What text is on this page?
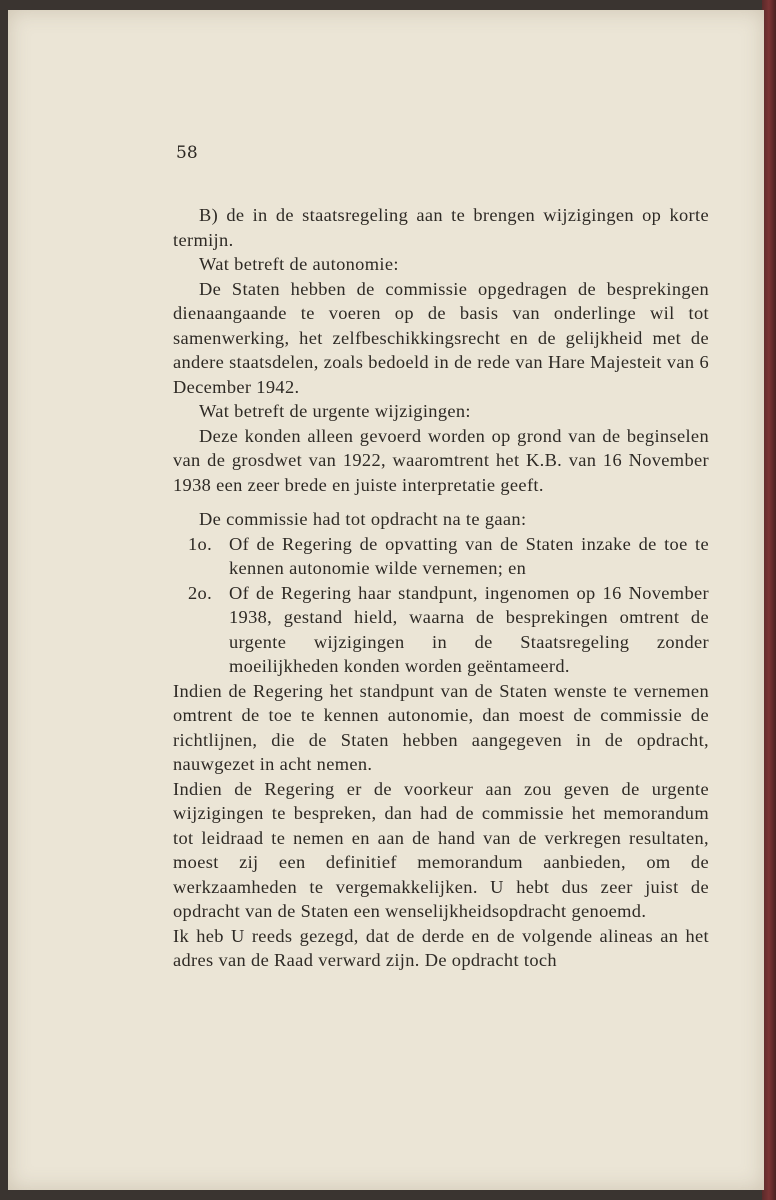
58

B) de in de staatsregeling aan te brengen wijzigingen op korte termijn.

Wat betreft de autonomie:

De Staten hebben de commissie opgedragen de besprekingen dienaangaande te voeren op de basis van onderlinge wil tot samenwerking, het zelfbeschikkingsrecht en de gelijkheid met de andere staatsdelen, zoals bedoeld in de rede van Hare Majesteit van 6 December 1942.

Wat betreft de urgente wijzigingen:

Deze konden alleen gevoerd worden op grond van de beginselen van de grosdwet van 1922, waaromtrent het K.B. van 16 November 1938 een zeer brede en juiste interpretatie geeft.

De commissie had tot opdracht na te gaan:

1o. Of de Regering de opvatting van de Staten inzake de toe te kennen autonomie wilde vernemen; en
2o. Of de Regering haar standpunt, ingenomen op 16 November 1938, gestand hield, waarna de besprekingen omtrent de urgente wijzigingen in de Staatsregeling zonder moeilijkheden konden worden geëntameerd.

Indien de Regering het standpunt van de Staten wenste te vernemen omtrent de toe te kennen autonomie, dan moest de commissie de richtlijnen, die de Staten hebben aangegeven in de opdracht, nauwgezet in acht nemen.

Indien de Regering er de voorkeur aan zou geven de urgente wijzigingen te bespreken, dan had de commissie het memorandum tot leidraad te nemen en aan de hand van de verkregen resultaten, moest zij een definitief memorandum aanbieden, om de werkzaamheden te vergemakkelijken. U hebt dus zeer juist de opdracht van de Staten een wenselijkheidsopdracht genoemd.

Ik heb U reeds gezegd, dat de derde en de volgende alineas an het adres van de Raad verward zijn. De opdracht toch
